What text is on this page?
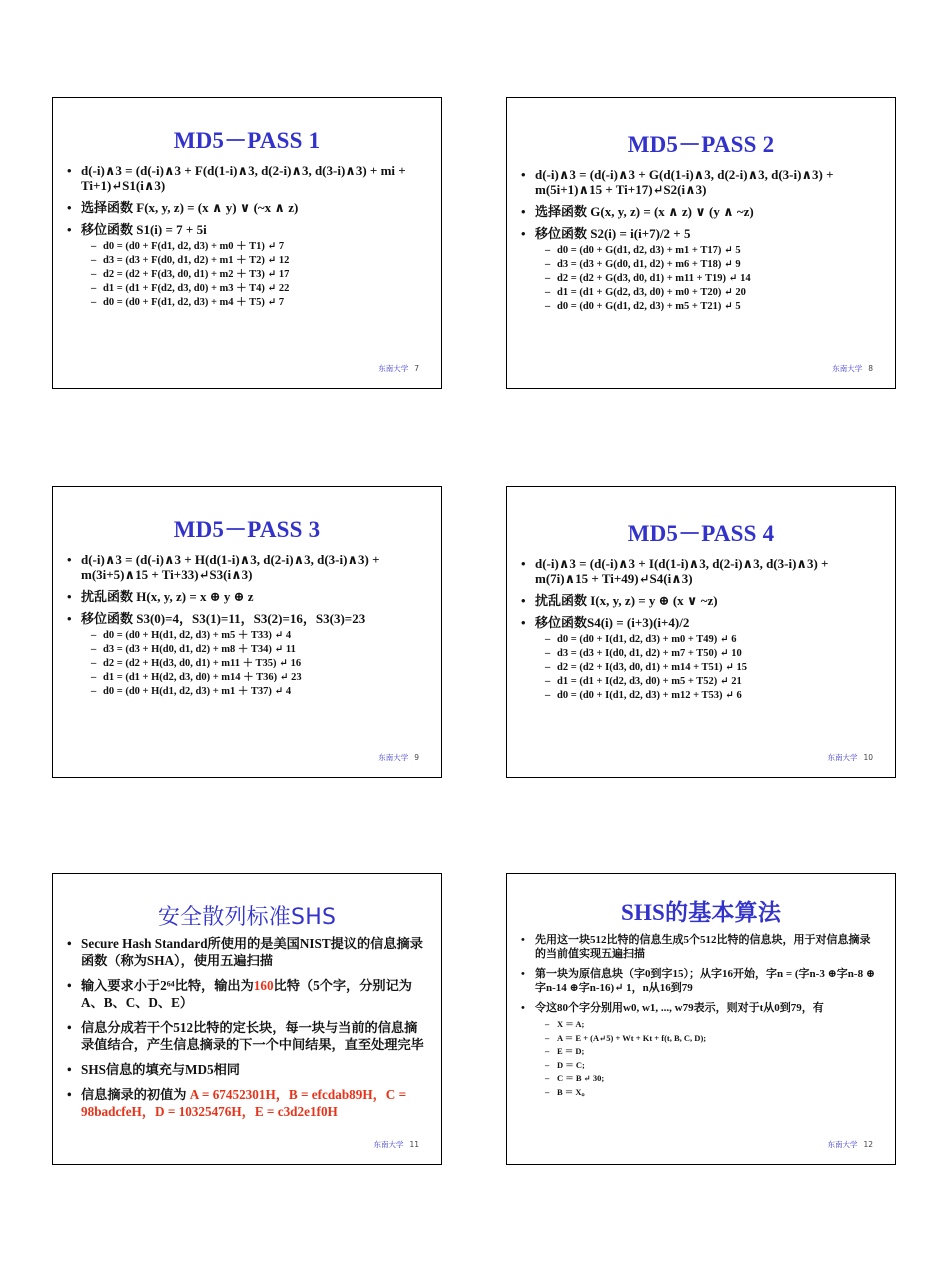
MD5－PASS 1
• d(-i)∧3 = (d(-i)∧3 + F(d(1-i)∧3, d(2-i)∧3, d(3-i)∧3) + mi + Ti+1)↵S1(i∧3)
• 选择函数 F(x, y, z) = (x ∧ y) ∨ (~x ∧ z)
• 移位函数 S1(i) = 7 + 5i
– d0 = (d0 + F(d1, d2, d3) + m0 ＋ T1) ↵ 7
– d3 = (d3 + F(d0, d1, d2) + m1 ＋ T2) ↵ 12
– d2 = (d2 + F(d3, d0, d1) + m2 ＋ T3) ↵ 17
– d1 = (d1 + F(d2, d3, d0) + m3 ＋ T4) ↵ 22
– d0 = (d0 + F(d1, d2, d3) + m4 ＋ T5) ↵ 7
东南大学 7
MD5－PASS 2
• d(-i)∧3 = (d(-i)∧3 + G(d(1-i)∧3, d(2-i)∧3, d(3-i)∧3) + m(5i+1)∧15 + Ti+17)↵S2(i∧3)
• 选择函数 G(x, y, z) = (x ∧ z) ∨ (y ∧ ~z)
• 移位函数 S2(i) = i(i+7)/2 + 5
– d0 = (d0 + G(d1, d2, d3) + m1 + T17) ↵ 5
– d3 = (d3 + G(d0, d1, d2) + m6 + T18) ↵ 9
– d2 = (d2 + G(d3, d0, d1) + m11 + T19) ↵ 14
– d1 = (d1 + G(d2, d3, d0) + m0 + T20) ↵ 20
– d0 = (d0 + G(d1, d2, d3) + m5 + T21) ↵ 5
东南大学 8
MD5－PASS 3
• d(-i)∧3 = (d(-i)∧3 + H(d(1-i)∧3, d(2-i)∧3, d(3-i)∧3) + m(3i+5)∧15 + Ti+33)↵S3(i∧3)
• 扰乱函数 H(x, y, z) = x ⊕ y ⊕ z
• 移位函数 S3(0)=4，S3(1)=11，S3(2)=16，S3(3)=23
– d0 = (d0 + H(d1, d2, d3) + m5 ＋ T33) ↵ 4
– d3 = (d3 + H(d0, d1, d2) + m8 ＋ T34) ↵ 11
– d2 = (d2 + H(d3, d0, d1) + m11 ＋ T35) ↵ 16
– d1 = (d1 + H(d2, d3, d0) + m14 ＋ T36) ↵ 23
– d0 = (d0 + H(d1, d2, d3) + m1 ＋ T37) ↵ 4
东南大学 9
MD5－PASS 4
• d(-i)∧3 = (d(-i)∧3 + I(d(1-i)∧3, d(2-i)∧3, d(3-i)∧3) + m(7i)∧15 + Ti+49)↵S4(i∧3)
• 扰乱函数 I(x, y, z) = y ⊕ (x ∨ ~z)
• 移位函数S4(i) = (i+3)(i+4)/2
– d0 = (d0 + I(d1, d2, d3) + m0 + T49) ↵ 6
– d3 = (d3 + I(d0, d1, d2) + m7 + T50) ↵ 10
– d2 = (d2 + I(d3, d0, d1) + m14 + T51) ↵ 15
– d1 = (d1 + I(d2, d3, d0) + m5 + T52) ↵ 21
– d0 = (d0 + I(d1, d2, d3) + m12 + T53) ↵ 6
东南大学 10
安全散列标准SHS
• Secure Hash Standard所使用的是美国NIST提议的信息摘录函数（称为SHA），使用五遍扫描
• 输入要求小于2⁶⁴比特，输出为160比特（5个字，分别记为 A、B、C、D、E）
• 信息分成若干个512比特的定长块，每一块与当前的信息摘录值结合，产生信息摘录的下一个中间结果，直至处理完毕
• SHS信息的填充与MD5相同
• 信息摘录的初值为 A = 67452301H，B = efcdab89H，C = 98badcfeH，D = 10325476H，E = c3d2e1f0H
东南大学 11
SHS的基本算法
• 先用这一块512比特的信息生成5个512比特的信息块，用于对信息摘录的当前值实现五遍扫描
• 第一块为原信息块（字0到字15）；从字16开始，字n = (字n-3 ⊕字n-8 ⊕字n-14 ⊕字n-16)↵ 1，n从16到79
• 令这80个字分别用w0, w1, ..., w79表示，则对于t从0到79，有
– X ＝ A;
– A ＝ E + (A↵5) + Wt + Kt + f(t, B, C, D);
– E ＝ D;
– D ＝ C;
– C ＝ B ↵ 30;
– B ＝ X。
东南大学 12
